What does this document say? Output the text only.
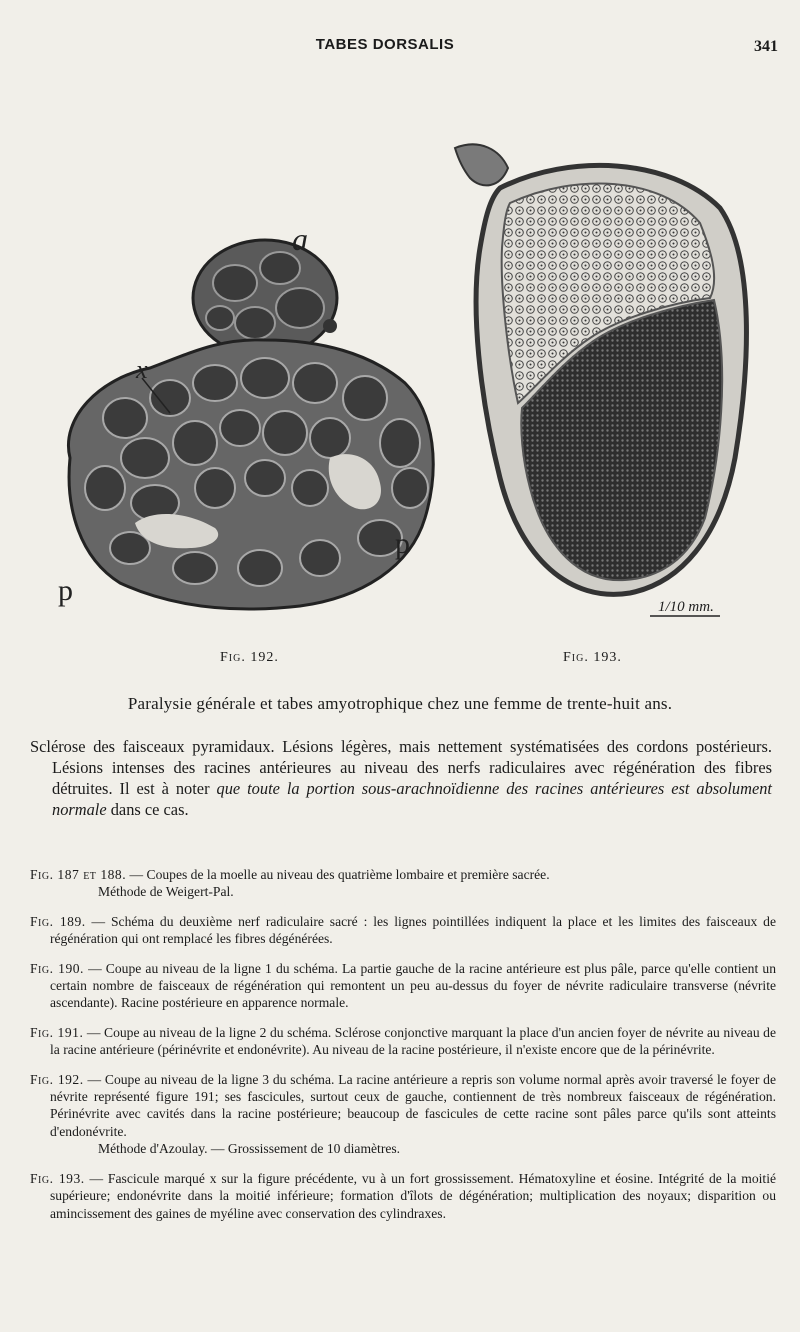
TABES DORSALIS	341
x
a
p
p
1/10 mm.
Fig. 192.	Fig. 193.
Paralysie générale et tabes amyotrophique chez une femme de trente-huit ans.

Sclérose des faisceaux pyramidaux. Lésions légères, mais nettement systématisées des cordons postérieurs. Lésions intenses des racines antérieures au niveau des nerfs radiculaires avec régénération des fibres détruites. Il est à noter que toute la portion sous-arachnoïdienne des racines antérieures est absolument normale dans ce cas.

Fig. 187 et 188. — Coupes de la moelle au niveau des quatrième lombaire et première sacrée.
Méthode de Weigert-Pal.

Fig. 189. — Schéma du deuxième nerf radiculaire sacré : les lignes pointillées indiquent la place et les limites des faisceaux de régénération qui ont remplacé les fibres dégénérées.

Fig. 190. — Coupe au niveau de la ligne 1 du schéma. La partie gauche de la racine antérieure est plus pâle, parce qu'elle contient un certain nombre de faisceaux de régénération qui remontent un peu au-dessus du foyer de névrite radiculaire transverse (névrite ascendante). Racine postérieure en apparence normale.

Fig. 191. — Coupe au niveau de la ligne 2 du schéma. Sclérose conjonctive marquant la place d'un ancien foyer de névrite au niveau de la racine antérieure (périnévrite et endonévrite). Au niveau de la racine postérieure, il n'existe encore que de la périnévrite.

Fig. 192. — Coupe au niveau de la ligne 3 du schéma. La racine antérieure a repris son volume normal après avoir traversé le foyer de névrite représenté figure 191; ses fascicules, surtout ceux de gauche, contiennent de très nombreux faisceaux de régénération. Périnévrite avec cavités dans la racine postérieure; beaucoup de fascicules de cette racine sont pâles parce qu'ils sont atteints d'endonévrite.
Méthode d'Azoulay. — Grossissement de 10 diamètres.

Fig. 193. — Fascicule marqué x sur la figure précédente, vu à un fort grossissement. Hématoxyline et éosine. Intégrité de la moitié supérieure; endonévrite dans la moitié inférieure; formation d'îlots de dégénération; multiplication des noyaux; disparition ou amincissement des gaines de myéline avec conservation des cylindraxes.
